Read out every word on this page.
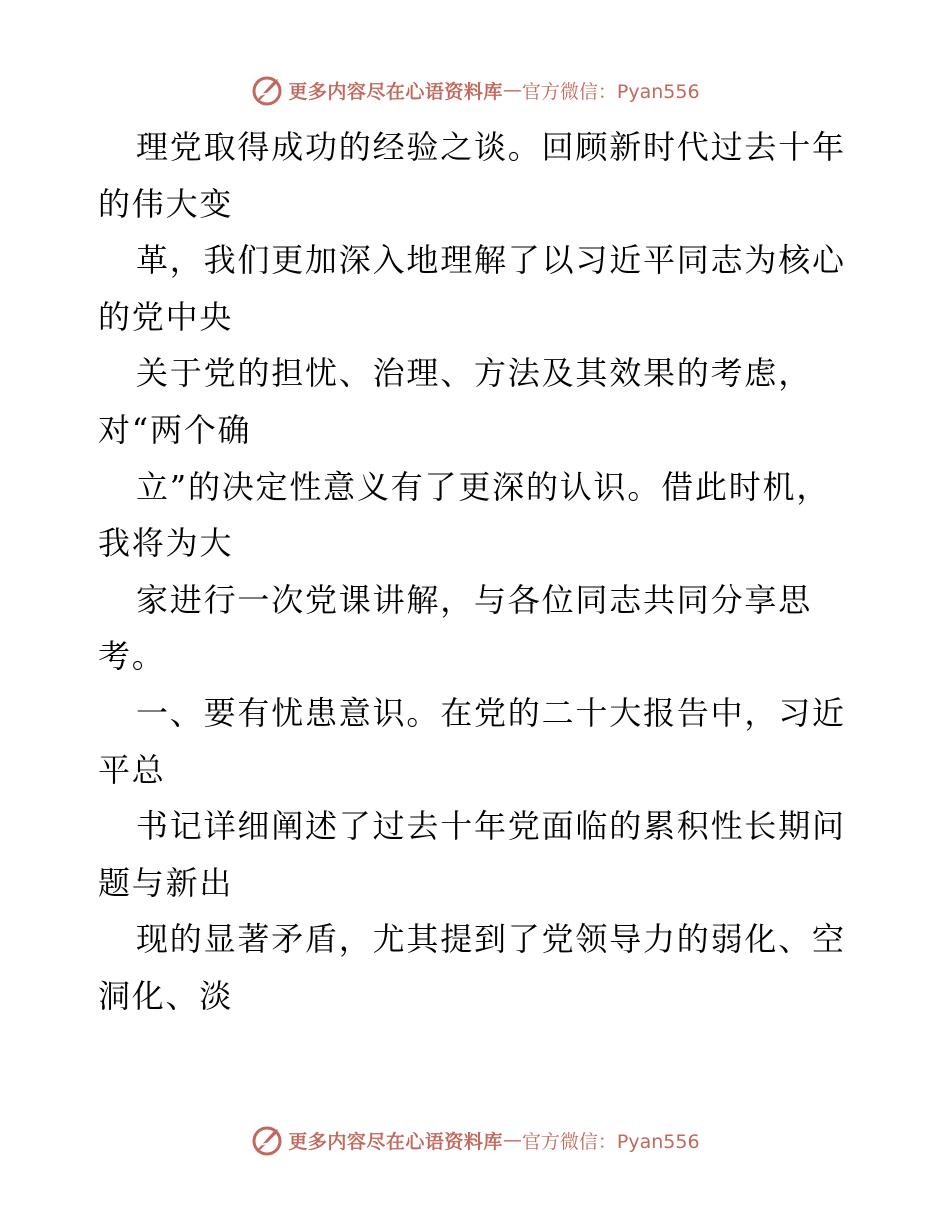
更多内容尽在心语资料库 — 官方微信：Pyan556
理党取得成功的经验之谈。回顾新时代过去十年
的伟大变
革，我们更加深入地理解了以习近平同志为核心
的党中央
关于党的担忧、治理、方法及其效果的考虑，
对“两个确
立”的决定性意义有了更深的认识。借此时机，
我将为大
家进行一次党课讲解，与各位同志共同分享思
考。
一、要有忧患意识。在党的二十大报告中，习近
平总
书记详细阐述了过去十年党面临的累积性长期问
题与新出
现的显著矛盾，尤其提到了党领导力的弱化、空
洞化、淡
更多内容尽在心语资料库 — 官方微信：Pyan556
